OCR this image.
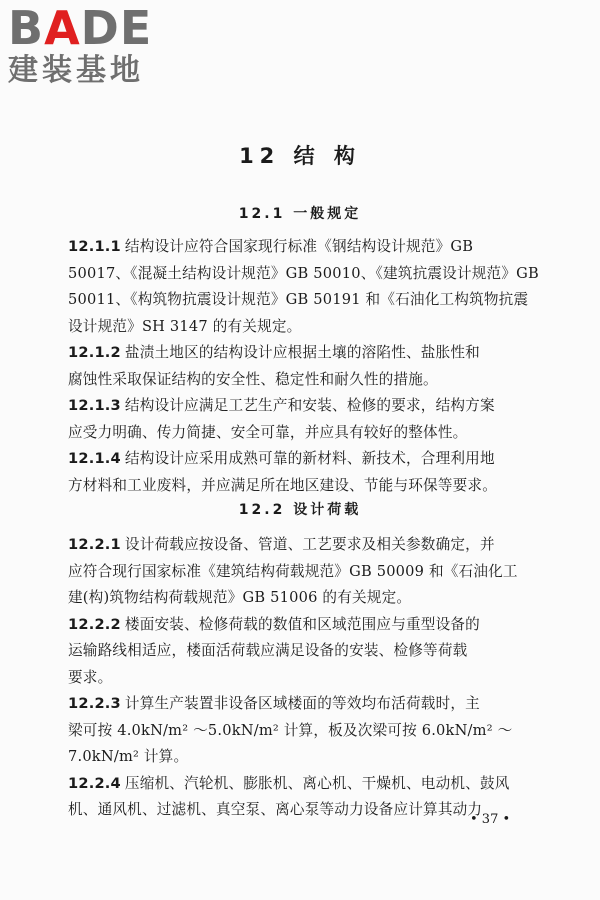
BADE
建装基地
12 结 构
12.1 一般规定
12.1.1 结构设计应符合国家现行标准《钢结构设计规范》GB
50017、《混凝土结构设计规范》GB 50010、《建筑抗震设计规范》GB
50011、《构筑物抗震设计规范》GB 50191 和《石油化工构筑物抗震
设计规范》SH 3147 的有关规定。
12.1.2 盐渍土地区的结构设计应根据土壤的溶陷性、盐胀性和
腐蚀性采取保证结构的安全性、稳定性和耐久性的措施。
12.1.3 结构设计应满足工艺生产和安装、检修的要求，结构方案
应受力明确、传力简捷、安全可靠，并应具有较好的整体性。
12.1.4 结构设计应采用成熟可靠的新材料、新技术，合理利用地
方材料和工业废料，并应满足所在地区建设、节能与环保等要求。
12.2 设计荷载
12.2.1 设计荷载应按设备、管道、工艺要求及相关参数确定，并
应符合现行国家标准《建筑结构荷载规范》GB 50009 和《石油化工
建(构)筑物结构荷载规范》GB 51006 的有关规定。
12.2.2 楼面安装、检修荷载的数值和区域范围应与重型设备的
运输路线相适应，楼面活荷载应满足设备的安装、检修等荷载
要求。
12.2.3 计算生产装置非设备区域楼面的等效均布活荷载时，主
梁可按 4.0kN/m² ～5.0kN/m² 计算，板及次梁可按 6.0kN/m² ～
7.0kN/m² 计算。
12.2.4 压缩机、汽轮机、膨胀机、离心机、干燥机、电动机、鼓风
机、通风机、过滤机、真空泵、离心泵等动力设备应计算其动力
• 37 •
